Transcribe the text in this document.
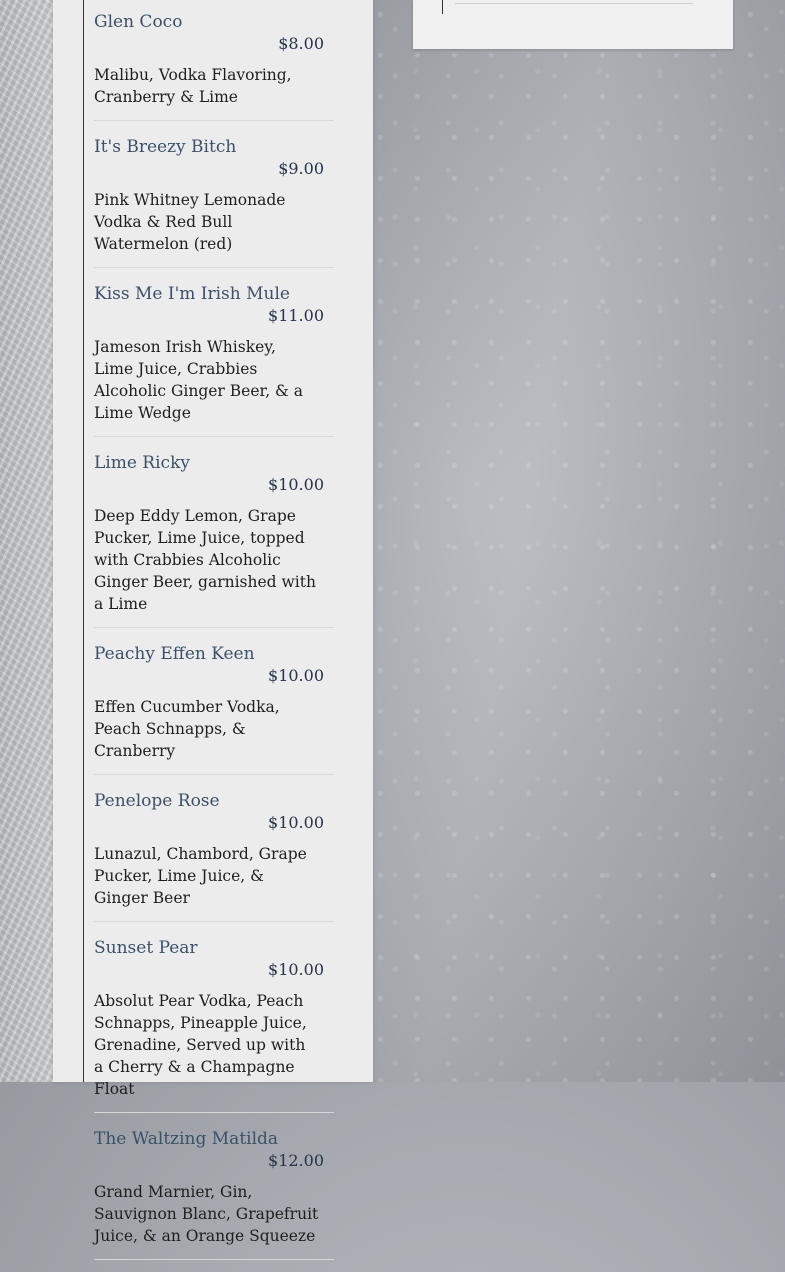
Glen Coco
$8.00
Malibu, Vodka Flavoring, Cranberry & Lime
It's Breezy Bitch
$9.00
Pink Whitney Lemonade Vodka & Red Bull Watermelon (red)
Kiss Me I'm Irish Mule
$11.00
Jameson Irish Whiskey, Lime Juice, Crabbies Alcoholic Ginger Beer, & a Lime Wedge
Lime Ricky
$10.00
Deep Eddy Lemon, Grape Pucker, Lime Juice, topped with Crabbies Alcoholic Ginger Beer, garnished with a Lime
Peachy Effen Keen
$10.00
Effen Cucumber Vodka, Peach Schnapps, & Cranberry
Penelope Rose
$10.00
Lunazul, Chambord, Grape Pucker, Lime Juice, & Ginger Beer
Sunset Pear
$10.00
Absolut Pear Vodka, Peach Schnapps, Pineapple Juice, Grenadine, Served up with a Cherry & a Champagne Float
The Waltzing Matilda
$12.00
Grand Marnier, Gin, Sauvignon Blanc, Grapefruit Juice, & an Orange Squeeze
